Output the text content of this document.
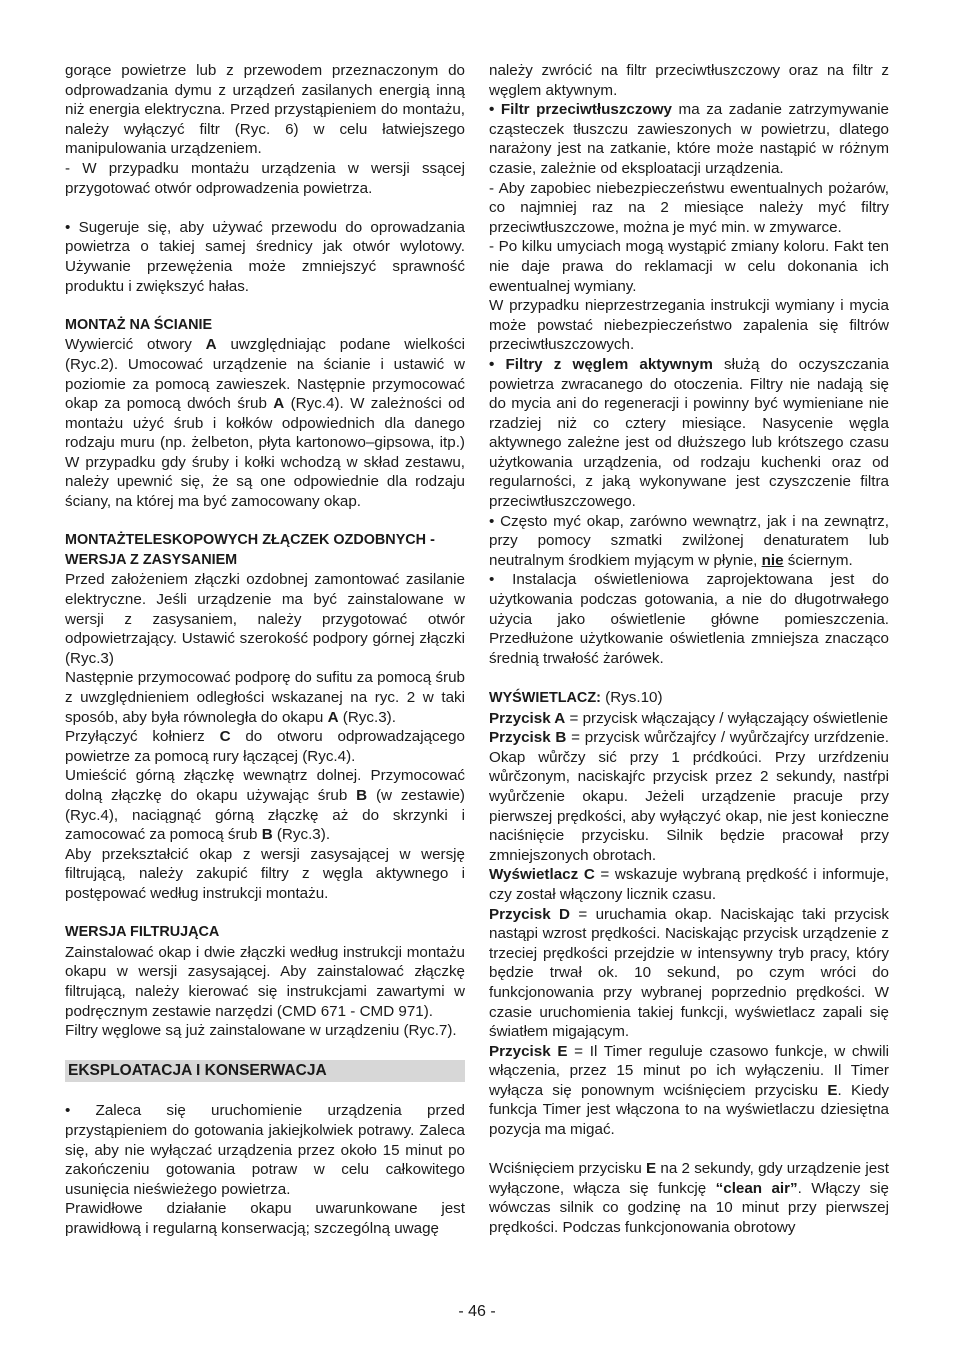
gorące powietrze lub z przewodem przeznaczonym do odprowadzania dymu z urządzeń zasilanych energią inną niż energia elektryczna. Przed przystąpieniem do montażu, należy wyłączyć filtr (Ryc. 6) w celu łatwiejszego manipulowania urządzeniem.

- W przypadku montażu urządzenia w wersji ssącej przygotować otwór odprowadzenia powietrza.

• Sugeruje się, aby używać przewodu do oprowadzania powietrza o takiej samej średnicy jak otwór wylotowy. Używanie przewężenia może zmniejszyć sprawność produktu i zwiększyć hałas.

MONTAŻ NA ŚCIANIE

Wywiercić otwory A uwzględniając podane wielkości (Ryc.2). Umocować urządzenie na ścianie i ustawić w poziomie za pomocą zawieszek. Następnie przymocować okap za pomocą dwóch śrub A (Ryc.4). W zależności od montażu użyć śrub i kołków odpowiednich dla danego rodzaju muru (np. żelbeton, płyta kartonowo–gipsowa, itp.) W przypadku gdy śruby i kołki wchodzą w skład zestawu, należy upewnić się, że są one odpowiednie dla rodzaju ściany, na której ma być zamocowany okap.

MONTAŻTELESKOPOWYCH ZŁĄCZEK OZDOBNYCH - WERSJA Z ZASYSANIEM

Przed założeniem złączki ozdobnej zamontować zasilanie elektryczne. Jeśli urządzenie ma być zainstalowane w wersji z zasysaniem, należy przygotować otwór odpowietrzający. Ustawić szerokość podpory górnej złączki (Ryc.3)

Następnie przymocować podporę do sufitu za pomocą śrub z uwzględnieniem odległości wskazanej na ryc. 2 w taki sposób, aby była równoległa do okapu A (Ryc.3).

Przyłączyć kołnierz C do otworu odprowadzającego powietrze za pomocą rury łączącej (Ryc.4).

Umieścić górną złączkę wewnątrz dolnej. Przymocować dolną złączkę do okapu używając śrub B (w zestawie) (Ryc.4), naciągnąć górną złączkę aż do skrzynki i zamocować za pomocą śrub B (Ryc.3).

Aby przekształcić okap z wersji zasysającej w wersję filtrującą, należy zakupić filtry z węgla aktywnego i postępować według instrukcji montażu.

WERSJA FILTRUJĄCA

Zainstalować okap i dwie złączki według instrukcji montażu okapu w wersji zasysającej. Aby zainstalować złączkę filtrującą, należy kierować się instrukcjami zawartymi w podręcznym zestawie narzędzi (CMD 671 - CMD 971).

Filtry węglowe są już zainstalowane w urządzeniu (Ryc.7).

EKSPLOATACJA I KONSERWACJA

• Zaleca się uruchomienie urządzenia przed przystąpieniem do gotowania jakiejkolwiek potrawy. Zaleca się, aby nie wyłączać urządzenia przez około 15 minut po zakończeniu gotowania potraw w celu całkowitego usunięcia nieświeżego powietrza.

Prawidłowe działanie okapu uwarunkowane jest prawidłową i regularną konserwacją; szczególną uwagę

należy zwrócić na filtr przeciwtłuszczowy oraz na filtr z węglem aktywnym.

• Filtr przeciwtłuszczowy ma za zadanie zatrzymywanie cząsteczek tłuszczu zawieszonych w powietrzu, dlatego narażony jest na zatkanie, które może nastąpić w różnym czasie, zależnie od eksploatacji urządzenia.

- Aby zapobiec niebezpieczeństwu ewentualnych pożarów, co najmniej raz na 2 miesiące należy myć filtry przeciwtłuszczowe, można je myć min. w zmywarce.

- Po kilku umyciach mogą wystąpić zmiany koloru. Fakt ten nie daje prawa do reklamacji w celu dokonania ich ewentualnej wymiany.

W przypadku nieprzestrzegania instrukcji wymiany i mycia może powstać niebezpieczeństwo zapalenia się filtrów przeciwtłuszczowych.

• Filtry z węglem aktywnym służą do oczyszczania powietrza zwracanego do otoczenia. Filtry nie nadają się do mycia ani do regeneracji i powinny być wymieniane nie rzadziej niż co cztery miesiące. Nasycenie węgla aktywnego zależne jest od dłuższego lub krótszego czasu użytkowania urządzenia, od rodzaju kuchenki oraz od regularności, z jaką wykonywane jest czyszczenie filtra przeciwtłuszczowego.

• Często myć okap, zarówno wewnątrz, jak i na zewnątrz, przy pomocy szmatki zwilżonej denaturatem lub neutralnym środkiem myjącym w płynie, nie ściernym.

• Instalacja oświetleniowa zaprojektowana jest do użytkowania podczas gotowania, a nie do długotrwałego użycia jako oświetlenie główne pomieszczenia. Przedłużone użytkowanie oświetlenia zmniejsza znacząco średnią trwałość żarówek.

WYŚWIETLACZ: (Rys.10)

Przycisk A = przycisk włączający / wyłączający oświetlenie

Przycisk B = przycisk wůrčzajŕcy / wyůrčzajŕcy urzŕdzenie. Okap wůrčzy sić przy 1 prćdkoúci. Przy urzŕdzeniu wůrčzonym, naciskajŕc przycisk przez 2 sekundy, nastŕpi wyůrčzenie okapu. Jeżeli urządzenie pracuje przy pierwszej prędkości, aby wyłączyć okap, nie jest konieczne naciśnięcie przycisku. Silnik będzie pracował przy zmniejszonych obrotach.

Wyświetlacz C = wskazuje wybraną prędkość i informuje, czy został włączony licznik czasu.

Przycisk D = uruchamia okap. Naciskając taki przycisk nastąpi wzrost prędkości. Naciskając przycisk urządzenie z trzeciej prędkości przejdzie w intensywny tryb pracy, który będzie trwał ok. 10 sekund, po czym wróci do funkcjonowania przy wybranej poprzednio prędkości. W czasie uruchomienia takiej funkcji, wyświetlacz zapali się światłem migającym.

Przycisk E = Il Timer reguluje czasowo funkcje, w chwili włączenia, przez 15 minut po ich wyłączeniu. Il Timer wyłącza się ponownym wciśnięciem przycisku E. Kiedy funkcja Timer jest włączona to na wyświetlaczu dziesiętna pozycja ma migać.

Wciśnięciem przycisku E na 2 sekundy, gdy urządzenie jest wyłączone, włącza się funkcję “clean air”. Włączy się wówczas silnik co godzinę na 10 minut przy pierwszej prędkości. Podczas funkcjonowania obrotowy

- 46 -
